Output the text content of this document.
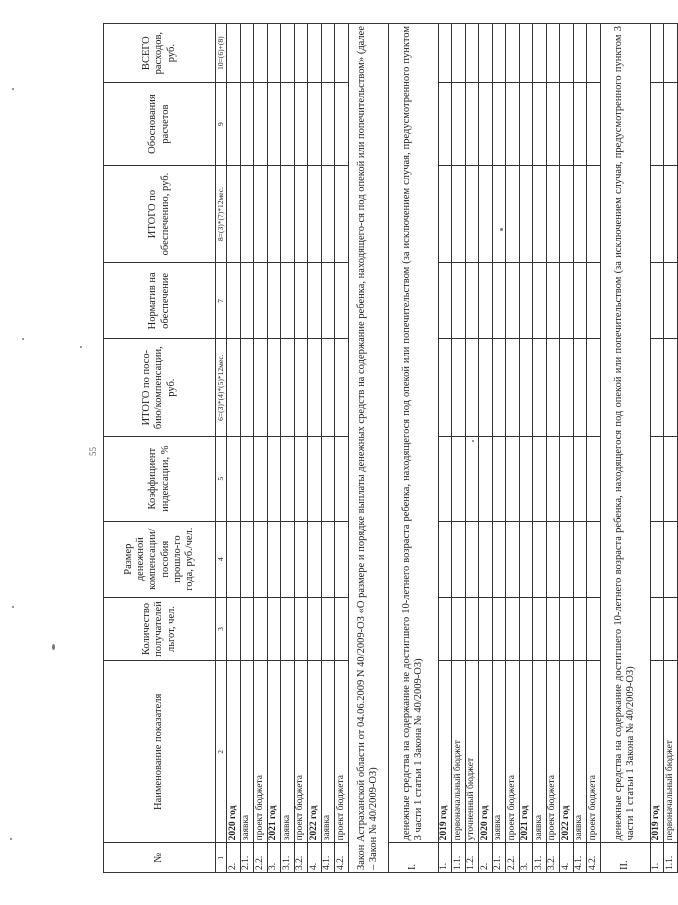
55
№	Наименование показателя	Количество получателей льгот, чел.	Размер денежной компенсации/ пособия прошло-го года, руб./чел.	Коэффициент индексации, %	ИТОГО по посо-бию/компенсации, руб.	Норматив на обеспечение	ИТОГО по обеспечению, руб.	Обоснования расчетов	ВСЕГО расходов, руб.
1	2	3	4	5	6=(3)*(4)*(5)*12мес.	7	8=(3)*(7)*12мес.	9	10=(6)+(8)
2.	2020 год								
2.1.	заявка								
2.2.	проект бюджета								
3.	2021 год								
3.1.	заявка								
3.2.	проект бюджета								
4.	2022 год								
4.1.	заявка								
4.2.	проект бюджета								
Закон Астраханской области от 04.06.2009 N 40/2009-ОЗ «О размере и порядке выплаты денежных средств на содержание ребенка, находящего-ся под опекой или попечительством» (далее – Закон № 40/2009-ОЗ)									
I.	денежные средства на содержание не достигшего 10-летнего возраста ребенка, находящегося под опекой или попечительством (за исключением случая, предусмотренного пунктом 3 части 1 статьи 1 Закона № 40/2009-ОЗ)								
1.	2019 год								
1.1.	первоначальный бюджет								
1.2.	уточненный бюджет								
2.	2020 год								
2.1.	заявка								
2.2.	проект бюджета								
3.	2021 год								
3.1.	заявка								
3.2.	проект бюджета								
4.	2022 год								
4.1.	заявка								
4.2.	проект бюджета								
II.	денежные средства на содержание достигшего 10-летнего возраста ребенка, находящегося под опекой или попечительством (за исключением случая, предусмотренного пунктом 3 части 1 статьи 1 Закона № 40/2009-ОЗ)								
1.	2019 год								
1.1.	первоначальный бюджет								
